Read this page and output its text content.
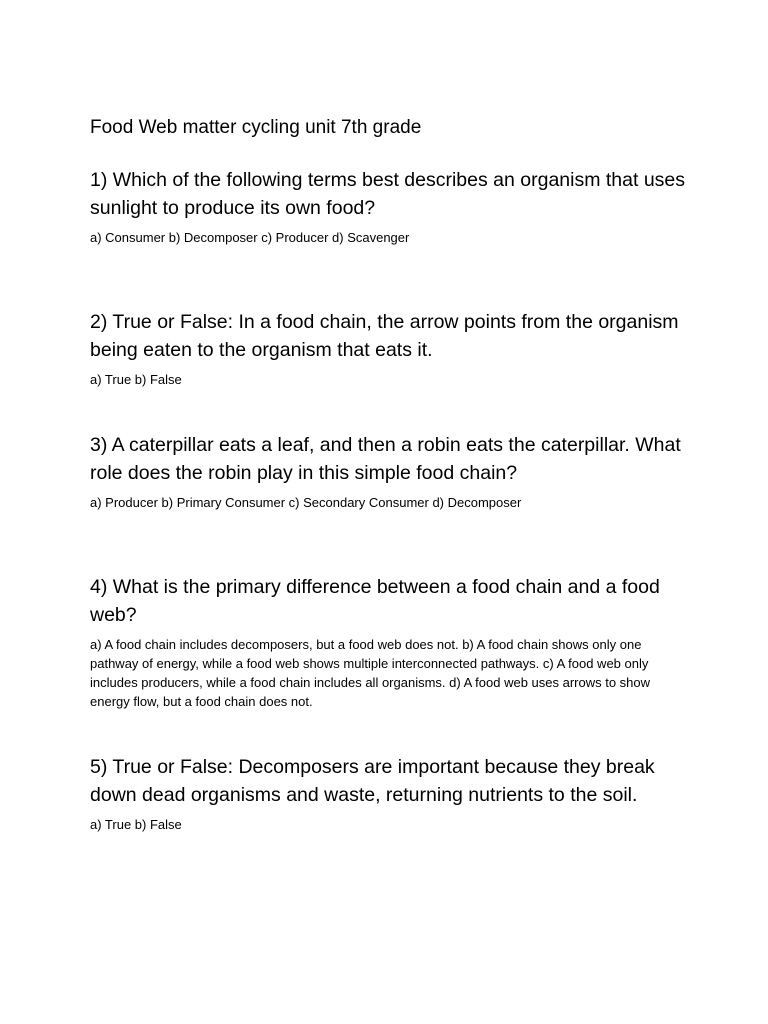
Food Web matter cycling unit 7th grade

1) Which of the following terms best describes an organism that uses sunlight to produce its own food?

a) Consumer b) Decomposer c) Producer d) Scavenger

2) True or False: In a food chain, the arrow points from the organism being eaten to the organism that eats it.

a) True b) False

3) A caterpillar eats a leaf, and then a robin eats the caterpillar. What role does the robin play in this simple food chain?

a) Producer b) Primary Consumer c) Secondary Consumer d) Decomposer

4) What is the primary difference between a food chain and a food web?

a) A food chain includes decomposers, but a food web does not. b) A food chain shows only one pathway of energy, while a food web shows multiple interconnected pathways. c) A food web only includes producers, while a food chain includes all organisms. d) A food web uses arrows to show energy flow, but a food chain does not.

5) True or False: Decomposers are important because they break down dead organisms and waste, returning nutrients to the soil.

a) True b) False
